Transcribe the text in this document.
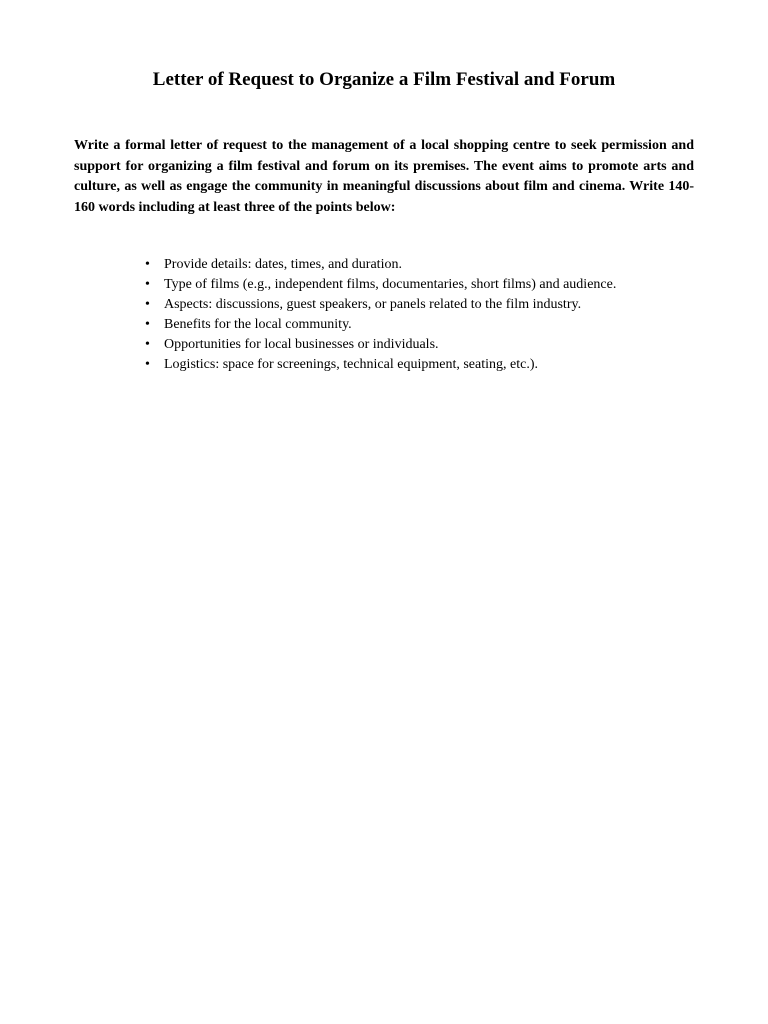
Letter of Request to Organize a Film Festival and Forum

Write a formal letter of request to the management of a local shopping centre to seek permission and support for organizing a film festival and forum on its premises. The event aims to promote arts and culture, as well as engage the community in meaningful discussions about film and cinema. Write 140-160 words including at least three of the points below:

• Provide details: dates, times, and duration.
• Type of films (e.g., independent films, documentaries, short films) and audience.
• Aspects: discussions, guest speakers, or panels related to the film industry.
• Benefits for the local community.
• Opportunities for local businesses or individuals.
• Logistics: space for screenings, technical equipment, seating, etc.).
